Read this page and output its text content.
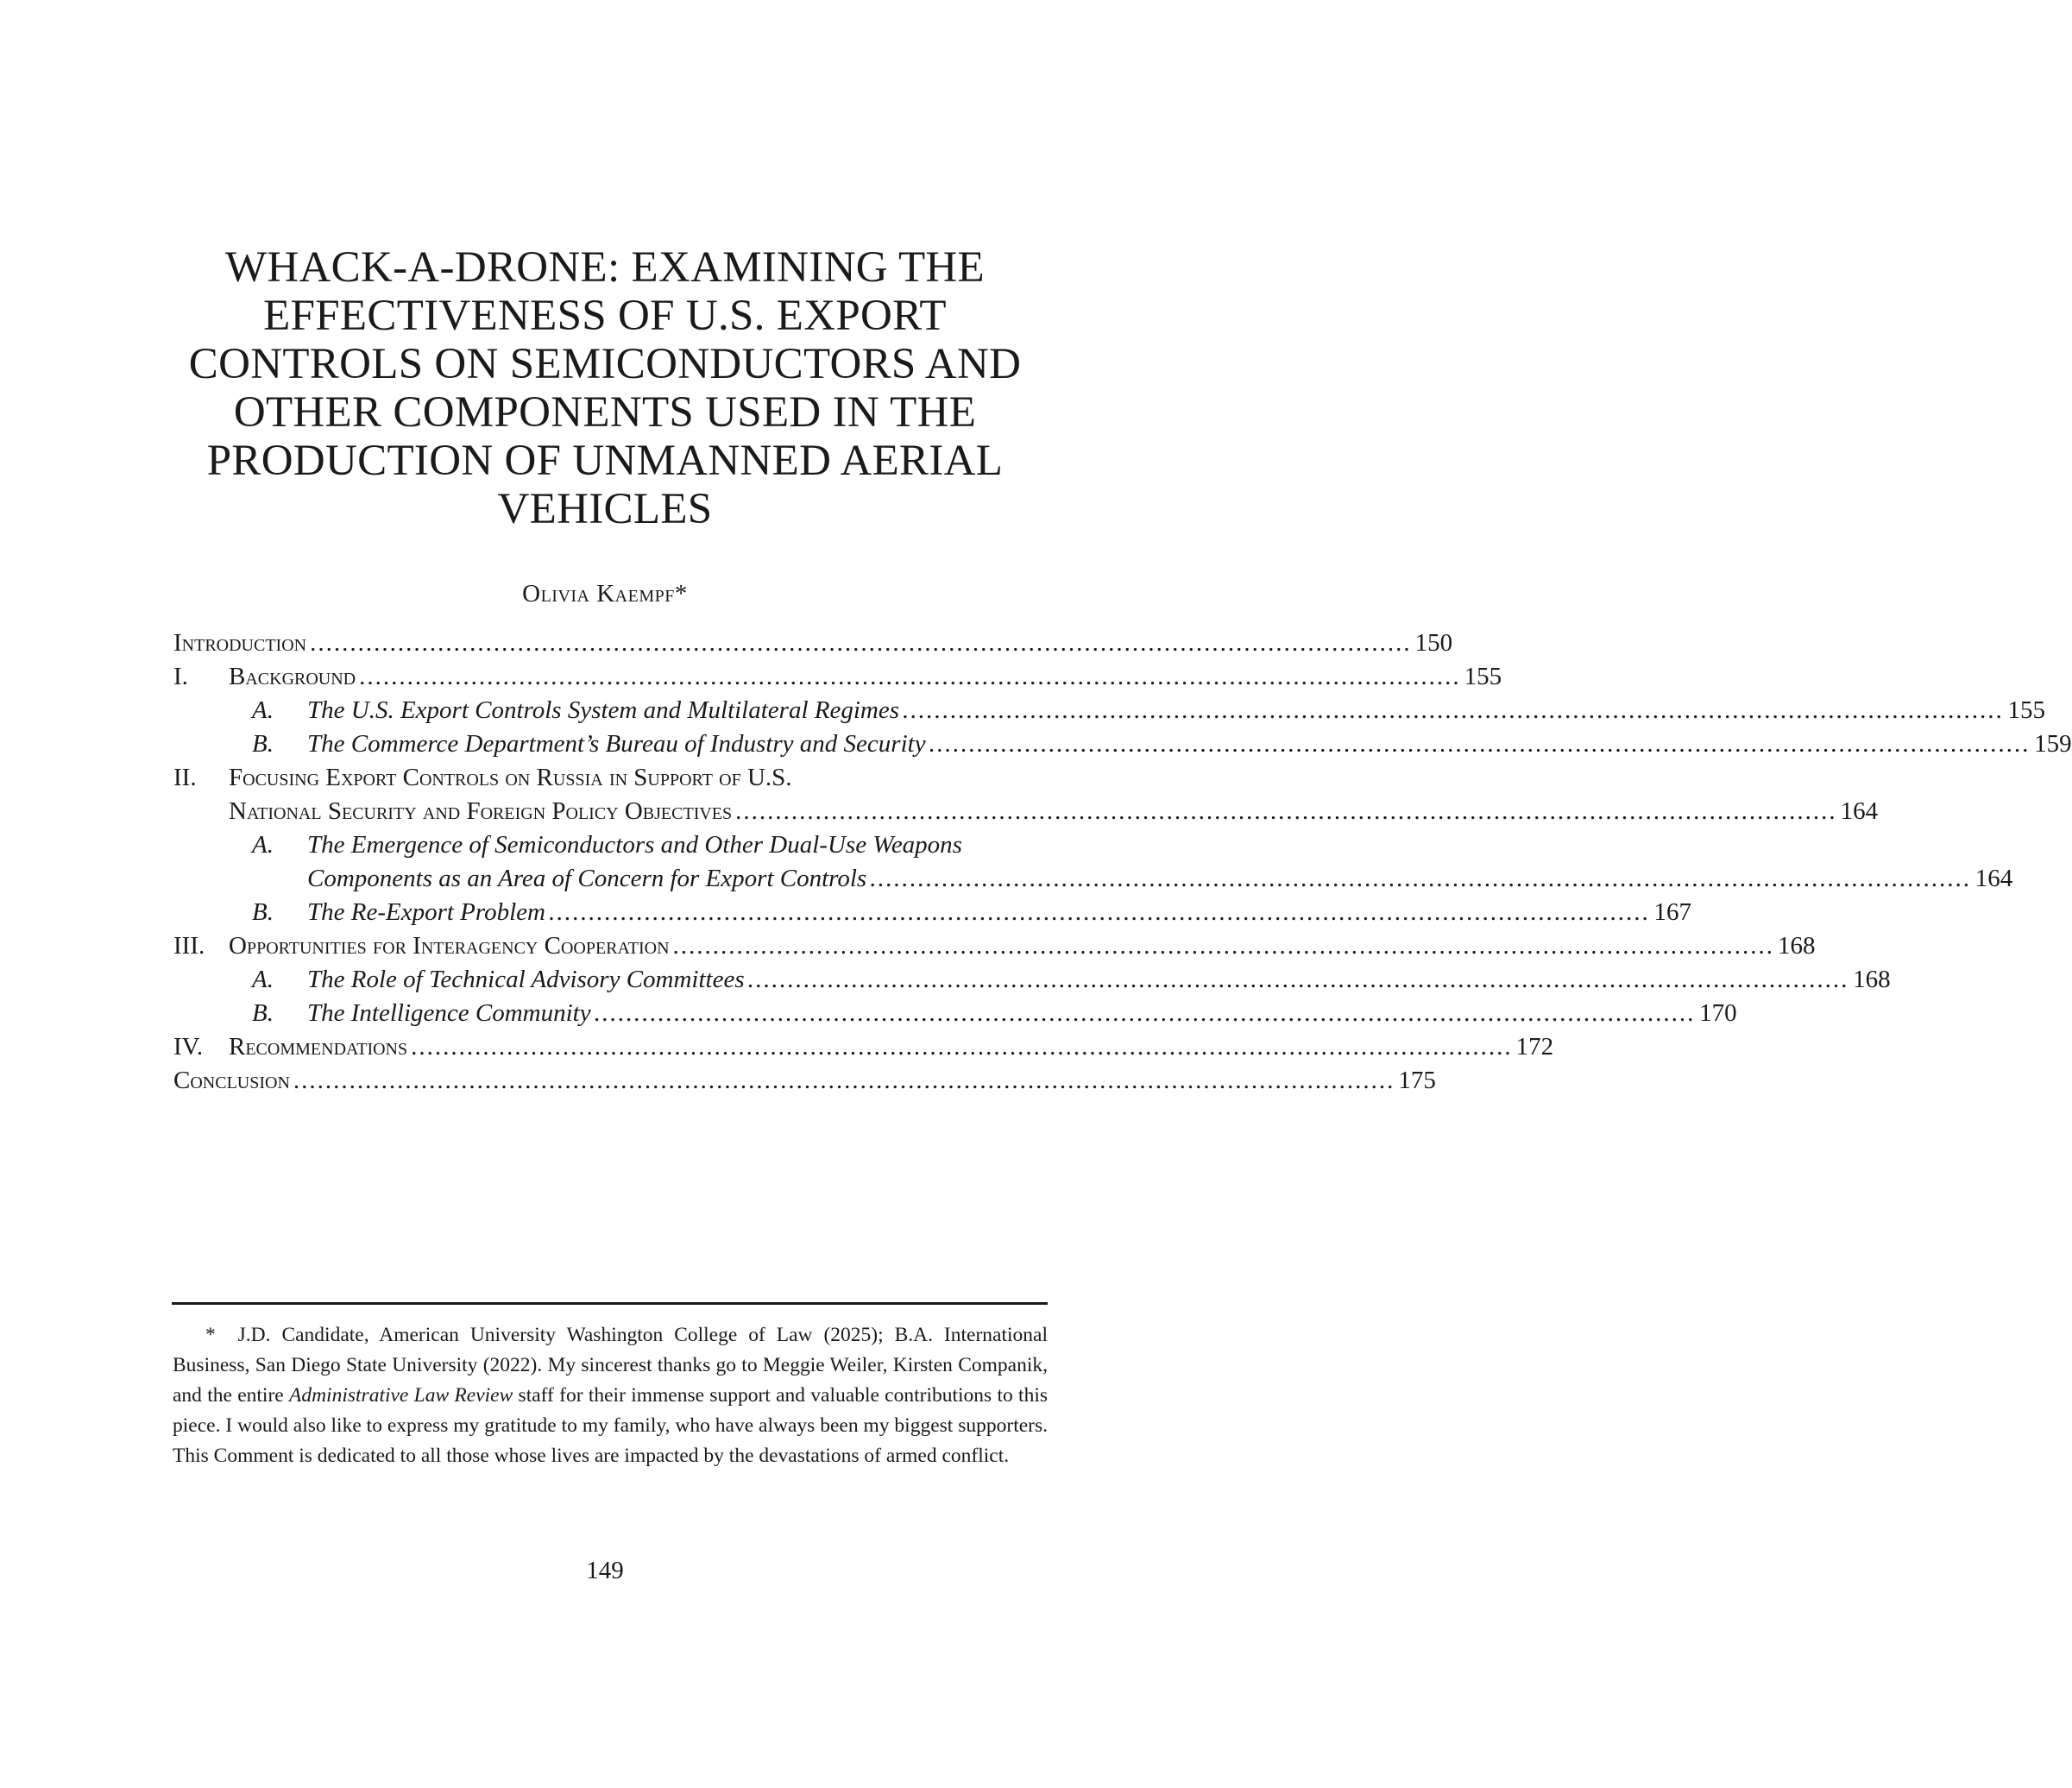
WHACK-A-DRONE: EXAMINING THE
EFFECTIVENESS OF U.S. EXPORT
CONTROLS ON SEMICONDUCTORS AND
OTHER COMPONENTS USED IN THE
PRODUCTION OF UNMANNED AERIAL
VEHICLES
Olivia Kaempf*
Introduction .......................................................................................................................................... 150
I. Background .......................................................................................................................................... 155
A. The U.S. Export Controls System and Multilateral Regimes .......................................................................................................................................... 155
B. The Commerce Department’s Bureau of Industry and Security .......................................................................................................................................... 159
II. Focusing Export Controls on Russia in Support of U.S.
National Security and Foreign Policy Objectives .......................................................................................................................................... 164
A. The Emergence of Semiconductors and Other Dual-Use Weapons
Components as an Area of Concern for Export Controls .......................................................................................................................................... 164
B. The Re-Export Problem .......................................................................................................................................... 167
III. Opportunities for Interagency Cooperation .......................................................................................................................................... 168
A. The Role of Technical Advisory Committees .......................................................................................................................................... 168
B. The Intelligence Community .......................................................................................................................................... 170
IV. Recommendations .......................................................................................................................................... 172
Conclusion .......................................................................................................................................... 175
* J.D. Candidate, American University Washington College of Law (2025); B.A. International Business, San Diego State University (2022). My sincerest thanks go to Meggie Weiler, Kirsten Companik, and the entire Administrative Law Review staff for their immense support and valuable contributions to this piece. I would also like to express my gratitude to my family, who have always been my biggest supporters. This Comment is dedicated to all those whose lives are impacted by the devastations of armed conflict.
149
